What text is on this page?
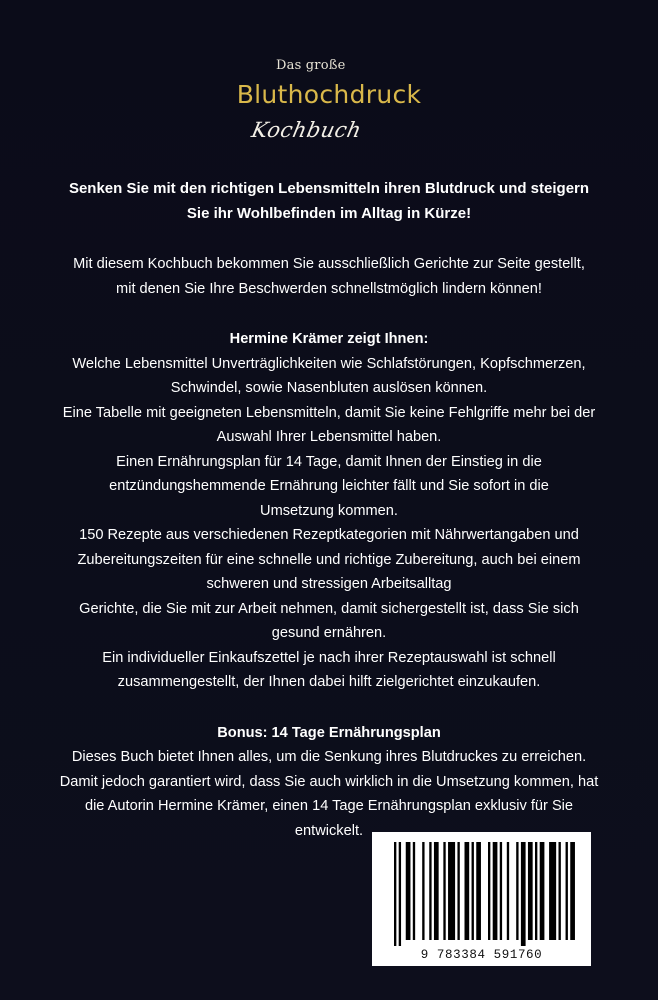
Das große
Bluthochdruck
Kochbuch

Senken Sie mit den richtigen Lebensmitteln ihren Blutdruck und steigern

Sie ihr Wohlbefinden im Alltag in Kürze!

Mit diesem Kochbuch bekommen Sie ausschließlich Gerichte zur Seite gestellt,

mit denen Sie Ihre Beschwerden schnellstmöglich lindern können!

Hermine Krämer zeigt Ihnen:

Welche Lebensmittel Unverträglichkeiten wie Schlafstörungen, Kopfschmerzen,

Schwindel, sowie Nasenbluten auslösen können.

Eine Tabelle mit geeigneten Lebensmitteln, damit Sie keine Fehlgriffe mehr bei der

Auswahl Ihrer Lebensmittel haben.

Einen Ernährungsplan für 14 Tage, damit Ihnen der Einstieg in die

entzündungshemmende Ernährung leichter fällt und Sie sofort in die

Umsetzung kommen.

150 Rezepte aus verschiedenen Rezeptkategorien mit Nährwertangaben und

Zubereitungszeiten für eine schnelle und richtige Zubereitung, auch bei einem

schweren und stressigen Arbeitsalltag

Gerichte, die Sie mit zur Arbeit nehmen, damit sichergestellt ist, dass Sie sich

gesund ernähren.

Ein individueller Einkaufszettel je nach ihrer Rezeptauswahl ist schnell

zusammengestellt, der Ihnen dabei hilft zielgerichtet einzukaufen.

Bonus: 14 Tage Ernährungsplan

Dieses Buch bietet Ihnen alles, um die Senkung ihres Blutdruckes zu erreichen.

Damit jedoch garantiert wird, dass Sie auch wirklich in die Umsetzung kommen, hat

die Autorin Hermine Krämer, einen 14 Tage Ernährungsplan exklusiv für Sie

entwickelt.

9 783384 591760
